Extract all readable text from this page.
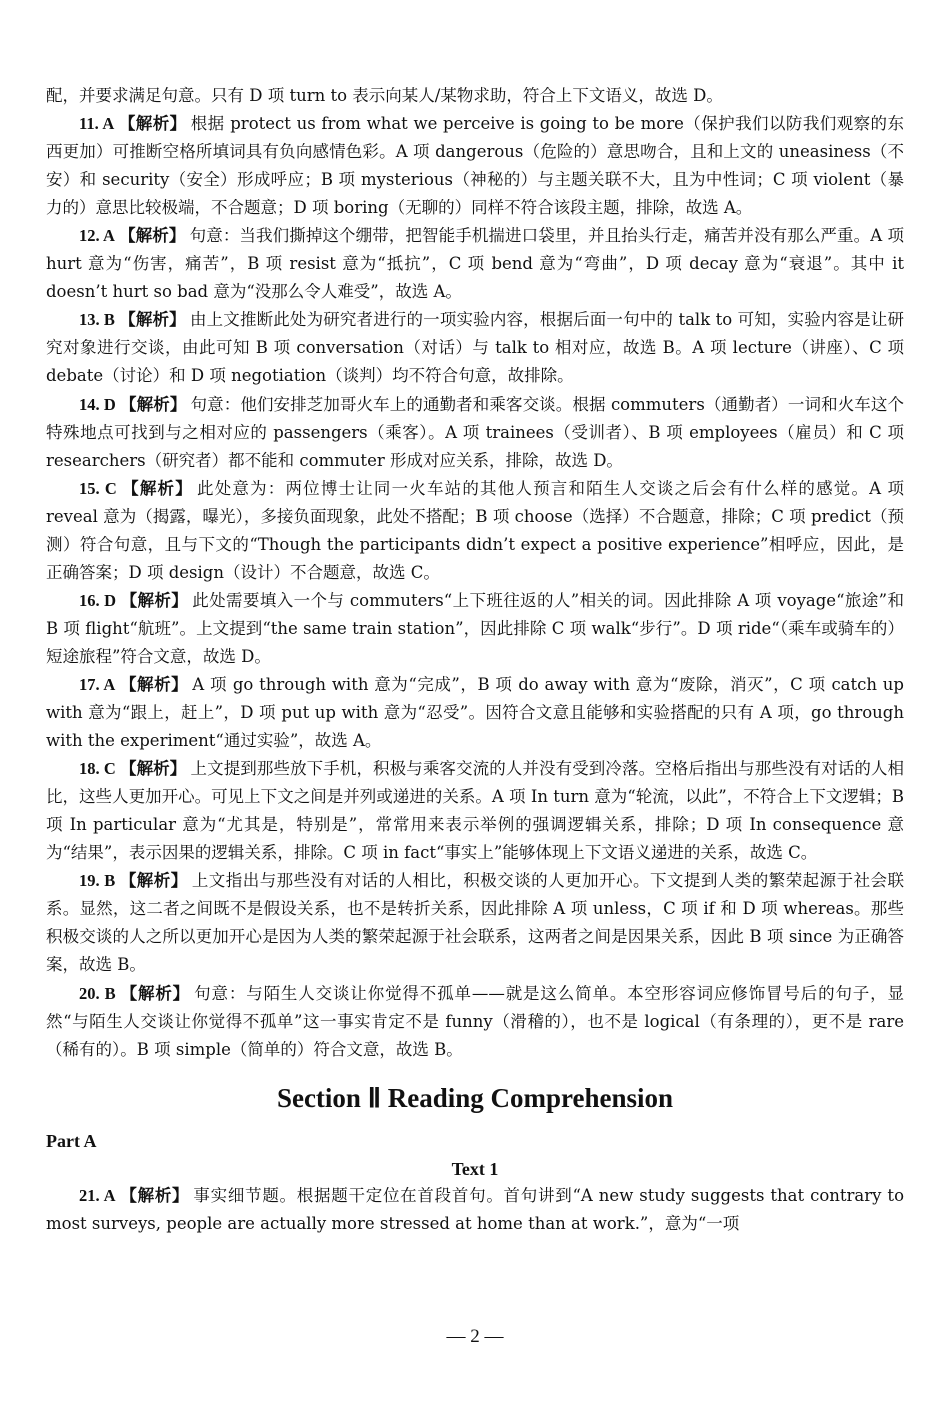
配，并要求满足句意。只有 D 项 turn to 表示向某人/某物求助，符合上下文语义，故选 D。

11. A 【解析】 根据 protect us from what we perceive is going to be more（保护我们以防我们观察的东西更加）可推断空格所填词具有负向感情色彩。A 项 dangerous（危险的）意思吻合，且和上文的 uneasiness（不安）和 security（安全）形成呼应；B 项 mysterious（神秘的）与主题关联不大，且为中性词；C 项 violent（暴力的）意思比较极端，不合题意；D 项 boring（无聊的）同样不符合该段主题，排除，故选 A。

12. A 【解析】 句意：当我们撕掉这个绷带，把智能手机揣进口袋里，并且抬头行走，痛苦并没有那么严重。A 项 hurt 意为“伤害，痛苦”，B 项 resist 意为“抵抗”，C 项 bend 意为“弯曲”，D 项 decay 意为“衰退”。其中 it doesn’t hurt so bad 意为“没那么令人难受”，故选 A。

13. B 【解析】 由上文推断此处为研究者进行的一项实验内容，根据后面一句中的 talk to 可知，实验内容是让研究对象进行交谈，由此可知 B 项 conversation（对话）与 talk to 相对应，故选 B。A 项 lecture（讲座）、C 项 debate（讨论）和 D 项 negotiation（谈判）均不符合句意，故排除。

14. D 【解析】 句意：他们安排芝加哥火车上的通勤者和乘客交谈。根据 commuters（通勤者）一词和火车这个特殊地点可找到与之相对应的 passengers（乘客）。A 项 trainees（受训者）、B 项 employees（雇员）和 C 项 researchers（研究者）都不能和 commuter 形成对应关系，排除，故选 D。

15. C 【解析】 此处意为：两位博士让同一火车站的其他人预言和陌生人交谈之后会有什么样的感觉。A 项 reveal 意为（揭露，曝光），多接负面现象，此处不搭配；B 项 choose（选择）不合题意，排除；C 项 predict（预测）符合句意，且与下文的“Though the participants didn’t expect a positive experience”相呼应，因此，是正确答案；D 项 design（设计）不合题意，故选 C。

16. D 【解析】 此处需要填入一个与 commuters“上下班往返的人”相关的词。因此排除 A 项 voyage“旅途”和 B 项 flight“航班”。上文提到“the same train station”，因此排除 C 项 walk“步行”。D 项 ride“（乘车或骑车的）短途旅程”符合文意，故选 D。

17. A 【解析】 A 项 go through with 意为“完成”，B 项 do away with 意为“废除，消灭”，C 项 catch up with 意为“跟上，赶上”，D 项 put up with 意为“忍受”。因符合文意且能够和实验搭配的只有 A 项，go through with the experiment“通过实验”，故选 A。

18. C 【解析】 上文提到那些放下手机，积极与乘客交流的人并没有受到冷落。空格后指出与那些没有对话的人相比，这些人更加开心。可见上下文之间是并列或递进的关系。A 项 In turn 意为“轮流，以此”，不符合上下文逻辑；B 项 In particular 意为“尤其是，特别是”，常常用来表示举例的强调逻辑关系，排除；D 项 In consequence 意为“结果”，表示因果的逻辑关系，排除。C 项 in fact“事实上”能够体现上下文语义递进的关系，故选 C。

19. B 【解析】 上文指出与那些没有对话的人相比，积极交谈的人更加开心。下文提到人类的繁荣起源于社会联系。显然，这二者之间既不是假设关系，也不是转折关系，因此排除 A 项 unless，C 项 if 和 D 项 whereas。那些积极交谈的人之所以更加开心是因为人类的繁荣起源于社会联系，这两者之间是因果关系，因此 B 项 since 为正确答案，故选 B。

20. B 【解析】 句意：与陌生人交谈让你觉得不孤单——就是这么简单。本空形容词应修饰冒号后的句子，显然“与陌生人交谈让你觉得不孤单”这一事实肯定不是 funny（滑稽的），也不是 logical（有条理的），更不是 rare（稀有的）。B 项 simple（简单的）符合文意，故选 B。

Section Ⅱ Reading Comprehension
Part A
Text 1

21. A 【解析】 事实细节题。根据题干定位在首段首句。首句讲到“A new study suggests that contrary to most surveys, people are actually more stressed at home than at work.”，意为“一项

— 2 —
